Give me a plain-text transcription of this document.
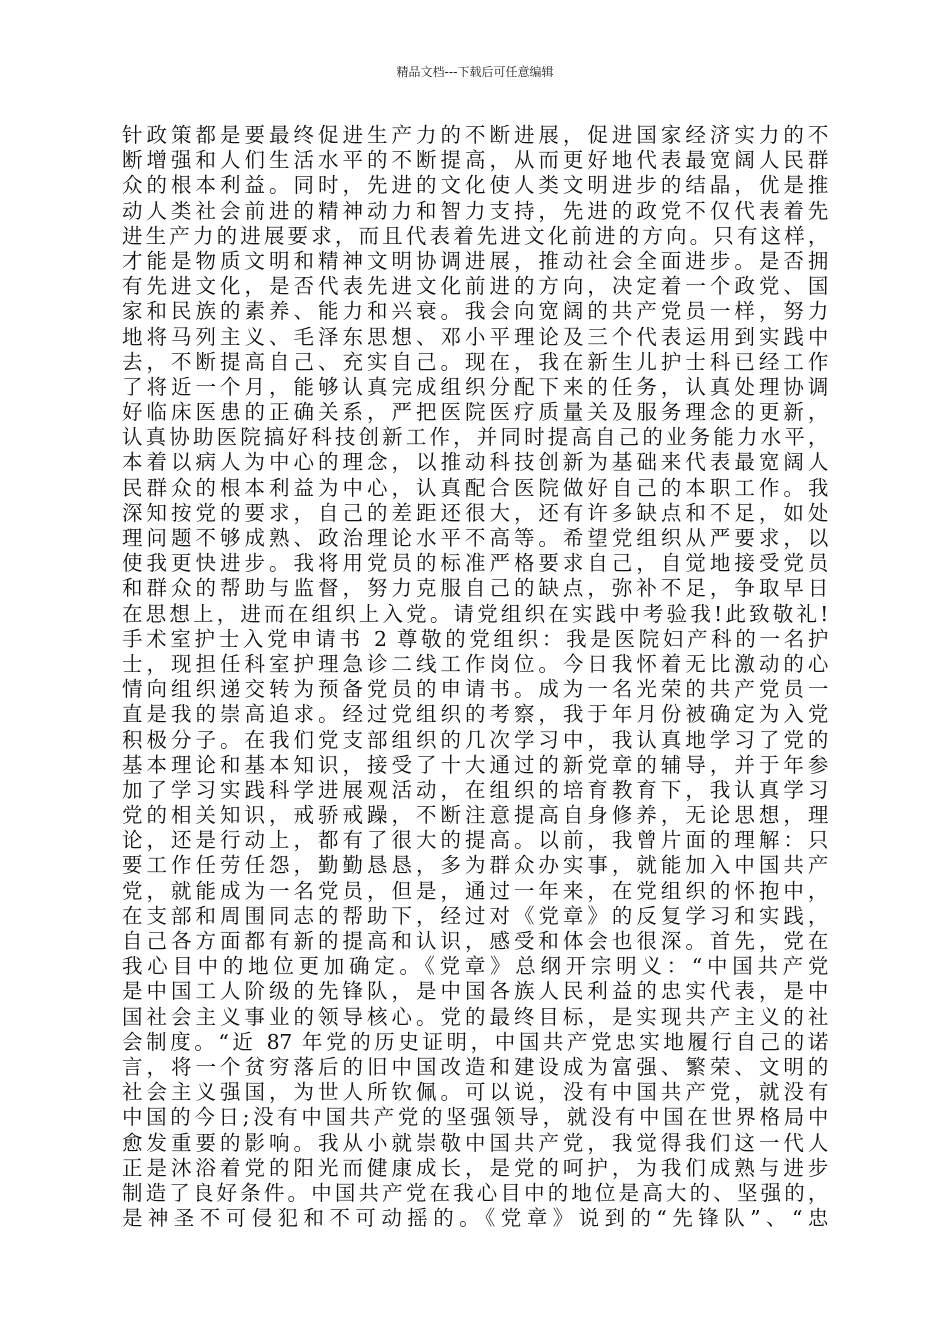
精品文档---下载后可任意编辑
针政策都是要最终促进生产力的不断进展，促进国家经济实力的不
断增强和人们生活水平的不断提高，从而更好地代表最宽阔人民群
众的根本利益。同时，先进的文化使人类文明进步的结晶，优是推
动人类社会前进的精神动力和智力支持，先进的政党不仅代表着先
进生产力的进展要求，而且代表着先进文化前进的方向。只有这样，
才能是物质文明和精神文明协调进展，推动社会全面进步。是否拥
有先进文化，是否代表先进文化前进的方向，决定着一个政党、国
家和民族的素养、能力和兴衰。我会向宽阔的共产党员一样，努力
地将马列主义、毛泽东思想、邓小平理论及三个代表运用到实践中
去，不断提高自己、充实自己。现在，我在新生儿护士科已经工作
了将近一个月，能够认真完成组织分配下来的任务，认真处理协调
好临床医患的正确关系，严把医院医疗质量关及服务理念的更新，
认真协助医院搞好科技创新工作，并同时提高自己的业务能力水平，
本着以病人为中心的理念，以推动科技创新为基础来代表最宽阔人
民群众的根本利益为中心，认真配合医院做好自己的本职工作。我
深知按党的要求，自己的差距还很大，还有许多缺点和不足，如处
理问题不够成熟、政治理论水平不高等。希望党组织从严要求，以
使我更快进步。我将用党员的标准严格要求自己，自觉地接受党员
和群众的帮助与监督，努力克服自己的缺点，弥补不足，争取早日
在思想上，进而在组织上入党。请党组织在实践中考验我!此致敬礼!
手术室护士入党申请书 2 尊敬的党组织：我是医院妇产科的一名护
士，现担任科室护理急诊二线工作岗位。今日我怀着无比激动的心
情向组织递交转为预备党员的申请书。成为一名光荣的共产党员一
直是我的崇高追求。经过党组织的考察，我于年月份被确定为入党
积极分子。在我们党支部组织的几次学习中，我认真地学习了党的
基本理论和基本知识，接受了十大通过的新党章的辅导，并于年参
加了学习实践科学进展观活动，在组织的培育教育下，我认真学习
党的相关知识，戒骄戒躁，不断注意提高自身修养，无论思想，理
论，还是行动上，都有了很大的提高。以前，我曾片面的理解：只
要工作任劳任怨，勤勤恳恳，多为群众办实事，就能加入中国共产
党，就能成为一名党员，但是，通过一年来，在党组织的怀抱中，
在支部和周围同志的帮助下，经过对《党章》的反复学习和实践，
自己各方面都有新的提高和认识，感受和体会也很深。首先，党在
我心目中的地位更加确定。《党章》总纲开宗明义：“中国共产党
是中国工人阶级的先锋队，是中国各族人民利益的忠实代表，是中
国社会主义事业的领导核心。党的最终目标，是实现共产主义的社
会制度。“近 87 年党的历史证明，中国共产党忠实地履行自己的诺
言，将一个贫穷落后的旧中国改造和建设成为富强、繁荣、文明的
社会主义强国，为世人所钦佩。可以说，没有中国共产党，就没有
中国的今日;没有中国共产党的坚强领导，就没有中国在世界格局中
愈发重要的影响。我从小就崇敬中国共产党，我觉得我们这一代人
正是沐浴着党的阳光而健康成长，是党的呵护，为我们成熟与进步
制造了良好条件。中国共产党在我心目中的地位是高大的、坚强的，
是神圣不可侵犯和不可动摇的。《党章》说到的“先锋队”、“忠
